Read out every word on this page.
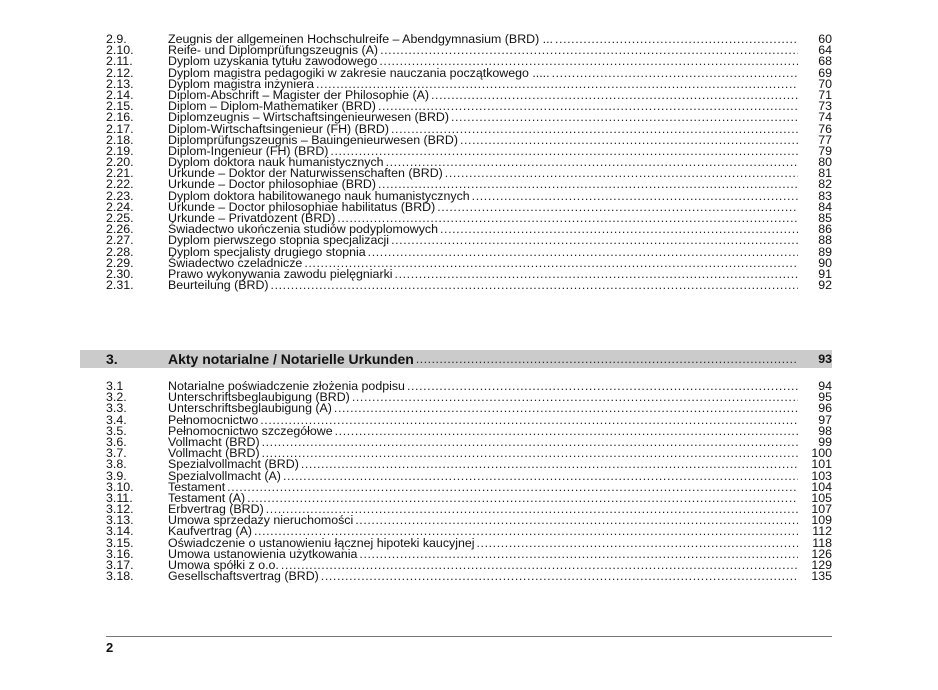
2.9.	Zeugnis der allgemeinen Hochschulreife – Abendgymnasium (BRD) ... .....	60
2.10.	Reife- und Diplomprüfungszeugnis (A) .....	64
2.11.	Dyplom uzyskania tytułu zawodowego .....	68
2.12.	Dyplom magistra pedagogiki w zakresie nauczania początkowego ..... .....	69
2.13.	Dyplom magistra inżyniera .....	70
2.14.	Diplom-Abschrift – Magister der Philosophie (A) .....	71
2.15.	Diplom – Diplom-Mathematiker (BRD) .....	73
2.16.	Diplomzeugnis – Wirtschaftsingenieurwesen (BRD) .....	74
2.17.	Diplom-Wirtschaftsingenieur (FH) (BRD) .....	76
2.18.	Diplomprüfungszeugnis – Bauingenieurwesen (BRD) .....	77
2.19.	Diplom-Ingenieur (FH) (BRD) .....	79
2.20.	Dyplom doktora nauk humanistycznych .....	80
2.21.	Urkunde – Doktor der Naturwissenschaften (BRD) .....	81
2.22.	Urkunde – Doctor philosophiae (BRD) .....	82
2.23.	Dyplom doktora habilitowanego nauk humanistycznych .....	83
2.24.	Urkunde – Doctor philosophiae habilitatus (BRD) .....	84
2.25.	Urkunde – Privatdozent (BRD) .....	85
2.26.	Świadectwo ukończenia studiów podyplomowych .....	86
2.27.	Dyplom pierwszego stopnia specjalizacji .....	88
2.28.	Dyplom specjalisty drugiego stopnia .....	89
2.29.	Świadectwo czeladnicze .....	90
2.30.	Prawo wykonywania zawodu pielęgniarki .....	91
2.31.	Beurteilung (BRD) .....	92
3.	Akty notarialne / Notarielle Urkunden .....	93
3.1	Notarialne poświadczenie złożenia podpisu .....	94
3.2.	Unterschriftsbeglaubigung (BRD) .....	95
3.3.	Unterschriftsbeglaubigung (A) .....	96
3.4.	Pełnomocnictwo .....	97
3.5.	Pełnomocnictwo szczegółowe .....	98
3.6.	Vollmacht (BRD) .....	99
3.7.	Vollmacht (BRD) .....	100
3.8.	Spezialvollmacht (BRD) .....	101
3.9.	Spezialvollmacht (A) .....	103
3.10.	Testament .....	104
3.11.	Testament (A) .....	105
3.12.	Erbvertrag (BRD) .....	107
3.13.	Umowa sprzedaży nieruchomości .....	109
3.14.	Kaufvertrag (A) .....	112
3.15.	Oświadczenie o ustanowieniu łącznej hipoteki kaucyjnej .....	118
3.16.	Umowa ustanowienia użytkowania .....	126
3.17.	Umowa spółki z o.o. .....	129
3.18.	Gesellschaftsvertrag (BRD) .....	135
2
